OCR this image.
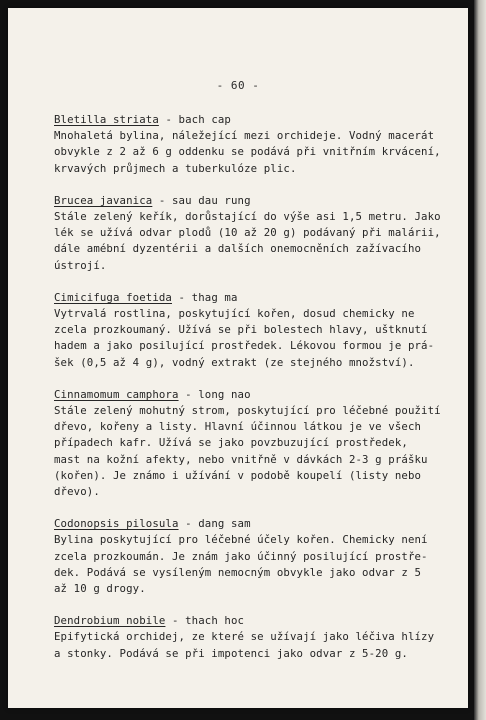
- 60 -
Bletilla striata - bach cap
Mnohaletá bylina, náležející mezi orchideje. Vodný macerát
obvykle z 2 až 6 g oddenku se podává při vnitřním krvácení,
krvavých průjmech a tuberkulóze plic.
Brucea javanica - sau dau rung
Stále zelený keřík, dorůstající do výše asi 1,5 metru. Jako
lék se užívá odvar plodů (10 až 20 g) podávaný při malárii,
dále amébní dyzentérii a dalších onemocněních zažívacího
ústrojí.
Cimicifuga foetida - thag ma
Vytrvalá rostlina, poskytující kořen, dosud chemicky ne
zcela prozkoumaný. Užívá se při bolestech hlavy, uštknutí
hadem a jako posilující prostředek. Lékovou formou je prá-
šek (0,5 až 4 g), vodný extrakt (ze stejného množství).
Cinnamomum camphora - long nao
Stále zelený mohutný strom, poskytující pro léčebné použití
dřevo, kořeny a listy. Hlavní účinnou látkou je ve všech
případech kafr. Užívá se jako povzbuzující prostředek,
mast na kožní afekty, nebo vnitřně v dávkách 2-3 g prášku
(kořen). Je známo i užívání v podobě koupelí (listy nebo
dřevo).
Codonopsis pilosula - dang sam
Bylina poskytující pro léčebné účely kořen. Chemicky není
zcela prozkoumán. Je znám jako účinný posilující prostře-
dek. Podává se vysíleným nemocným obvykle jako odvar z 5
až 10 g drogy.
Dendrobium nobile - thach hoc
Epifytická orchidej, ze které se užívají jako léčiva hlízy
a stonky. Podává se při impotenci jako odvar z 5-20 g.
